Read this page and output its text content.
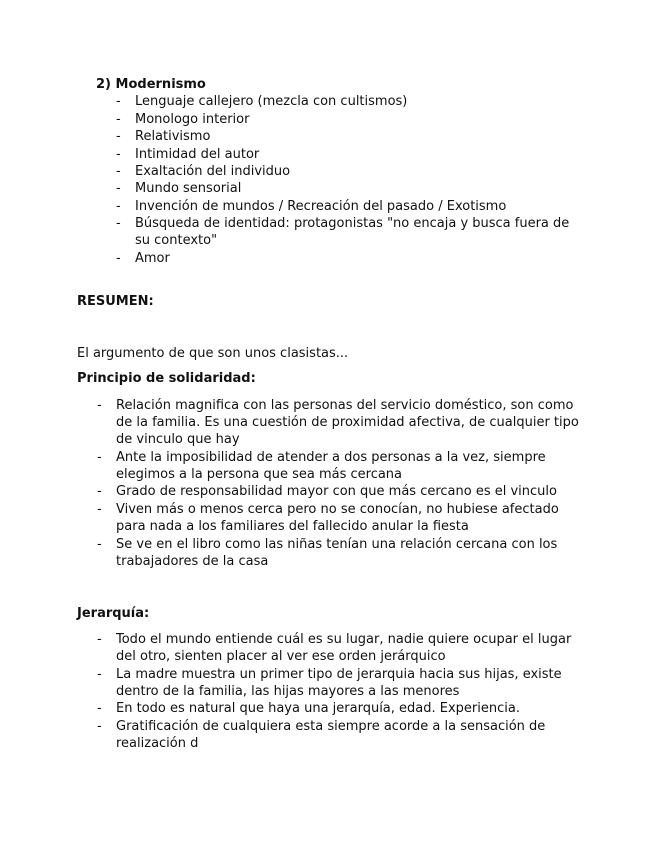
2) Modernismo
- Lenguaje callejero (mezcla con cultismos)
- Monologo interior
- Relativismo
- Intimidad del autor
- Exaltación del individuo
- Mundo sensorial
- Invención de mundos / Recreación del pasado / Exotismo
- Búsqueda de identidad: protagonistas "no encaja y busca fuera de
su contexto"
- Amor
RESUMEN:
El argumento de que son unos clasistas...
Principio de solidaridad:
- Relación magnifica con las personas del servicio doméstico, son como
de la familia. Es una cuestión de proximidad afectiva, de cualquier tipo
de vinculo que hay
- Ante la imposibilidad de atender a dos personas a la vez, siempre
elegimos a la persona que sea más cercana
- Grado de responsabilidad mayor con que más cercano es el vinculo
- Viven más o menos cerca pero no se conocían, no hubiese afectado
para nada a los familiares del fallecido anular la fiesta
- Se ve en el libro como las niñas tenían una relación cercana con los
trabajadores de la casa
Jerarquía:
- Todo el mundo entiende cuál es su lugar, nadie quiere ocupar el lugar
del otro, sienten placer al ver ese orden jerárquico
- La madre muestra un primer tipo de jerarquia hacia sus hijas, existe
dentro de la familia, las hijas mayores a las menores
- En todo es natural que haya una jerarquía, edad. Experiencia.
- Gratificación de cualquiera esta siempre acorde a la sensación de
realización d
